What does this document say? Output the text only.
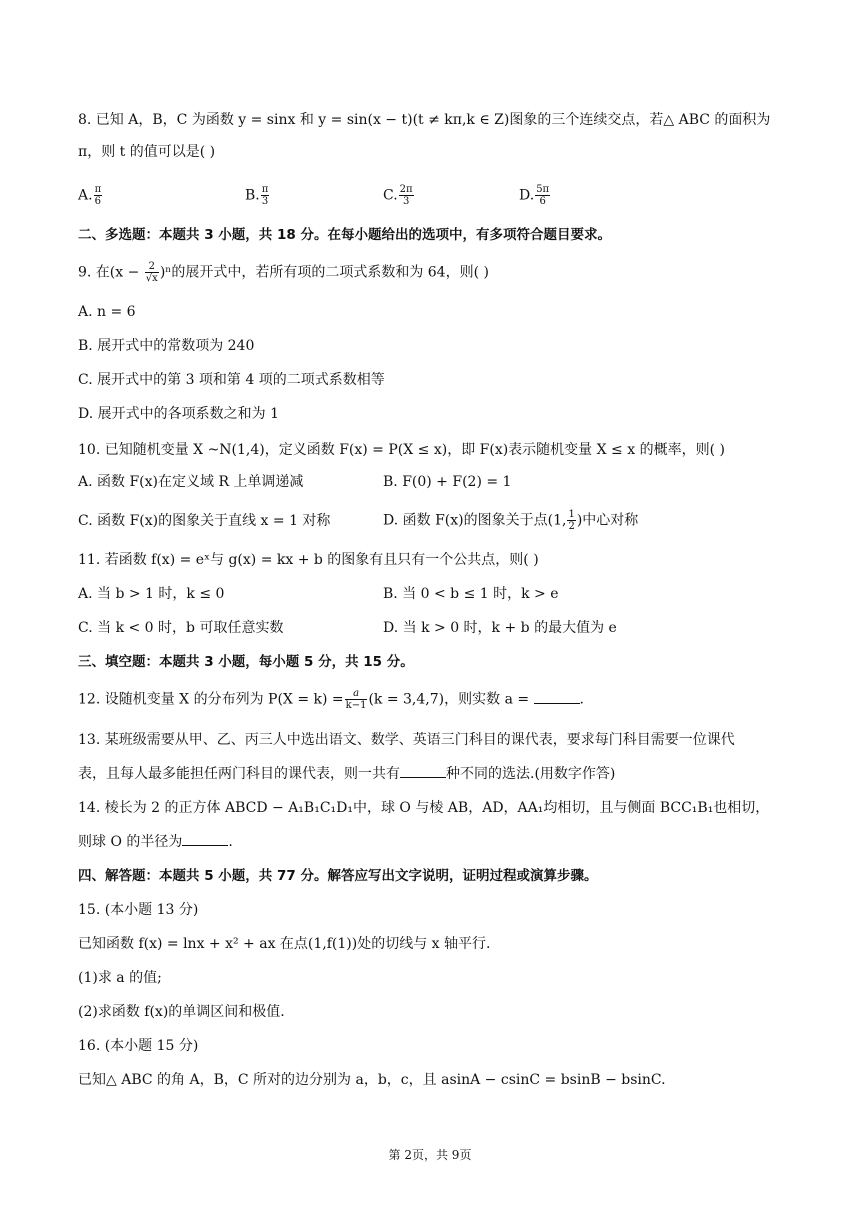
8. 已知 A，B，C 为函数 y = sinx 和 y = sin(x − t)(t ≠ kπ,k ∈ Z)图象的三个连续交点，若△ ABC 的面积为
π，则 t 的值可以是( )
A. $\frac{\pi}{6}$	B. $\frac{\pi}{3}$	C. $\frac{2\pi}{3}$	D. $\frac{5\pi}{6}$
二、多选题：本题共 3 小题，共 18 分。在每小题给出的选项中，有多项符合题目要求。
9. 在$(x - \frac{2}{√x} )^n$的展开式中，若所有项的二项式系数和为 64，则( )
A. n = 6
B. 展开式中的常数项为 240
C. 展开式中的第 3 项和第 4 项的二项式系数相等
D. 展开式中的各项系数之和为 1
10. 已知随机变量 X ~N(1,4)，定义函数 F(x) = P(X ≤ x)，即 F(x)表示随机变量 X ≤ x 的概率，则( )
A. 函数 F(x)在定义域 R 上单调递减	B. F(0) + F(2) = 1
C. 函数 F(x)的图象关于直线 x = 1 对称	D. 函数 F(x)的图象关于点(1, $\frac{1}{2}$ )中心对称
11. 若函数 f(x) = eˣ与 g(x) = kx + b 的图象有且只有一个公共点，则( )
A. 当 b > 1 时，k ≤ 0	B. 当 0 < b ≤ 1 时，k > e
C. 当 k < 0 时，b 可取任意实数	D. 当 k > 0 时，k + b 的最大值为 e
三、填空题：本题共 3 小题，每小题 5 分，共 15 分。
12. 设随机变量 X 的分布列为 $P(X = k) = \frac{a}{k-1} (k = 3,4,7)$，则实数 a =	.
13. 某班级需要从甲、乙、丙三人中选出语文、数学、英语三门科目的课代表，要求每门科目需要一位课代
表，且每人最多能担任两门科目的课代表，则一共有	种不同的选法.(用数字作答)
14. 棱长为 2 的正方体 ABCD − A₁B₁C₁D₁中，球 O 与棱 AB，AD，AA₁均相切，且与侧面 BCC₁B₁也相切，
则球 O 的半径为	.
四、解答题：本题共 5 小题，共 77 分。解答应写出文字说明，证明过程或演算步骤。
15. (本小题 13 分)
已知函数 f(x) = lnx + x² + ax 在点(1,f(1))处的切线与 x 轴平行.
(1)求 a 的值;
(2)求函数 f(x)的单调区间和极值.
16. (本小题 15 分)
已知△ ABC 的角 A，B，C 所对的边分别为 a，b，c，且 asinA − csinC = bsinB − bsinC.
第 2页，共 9页
